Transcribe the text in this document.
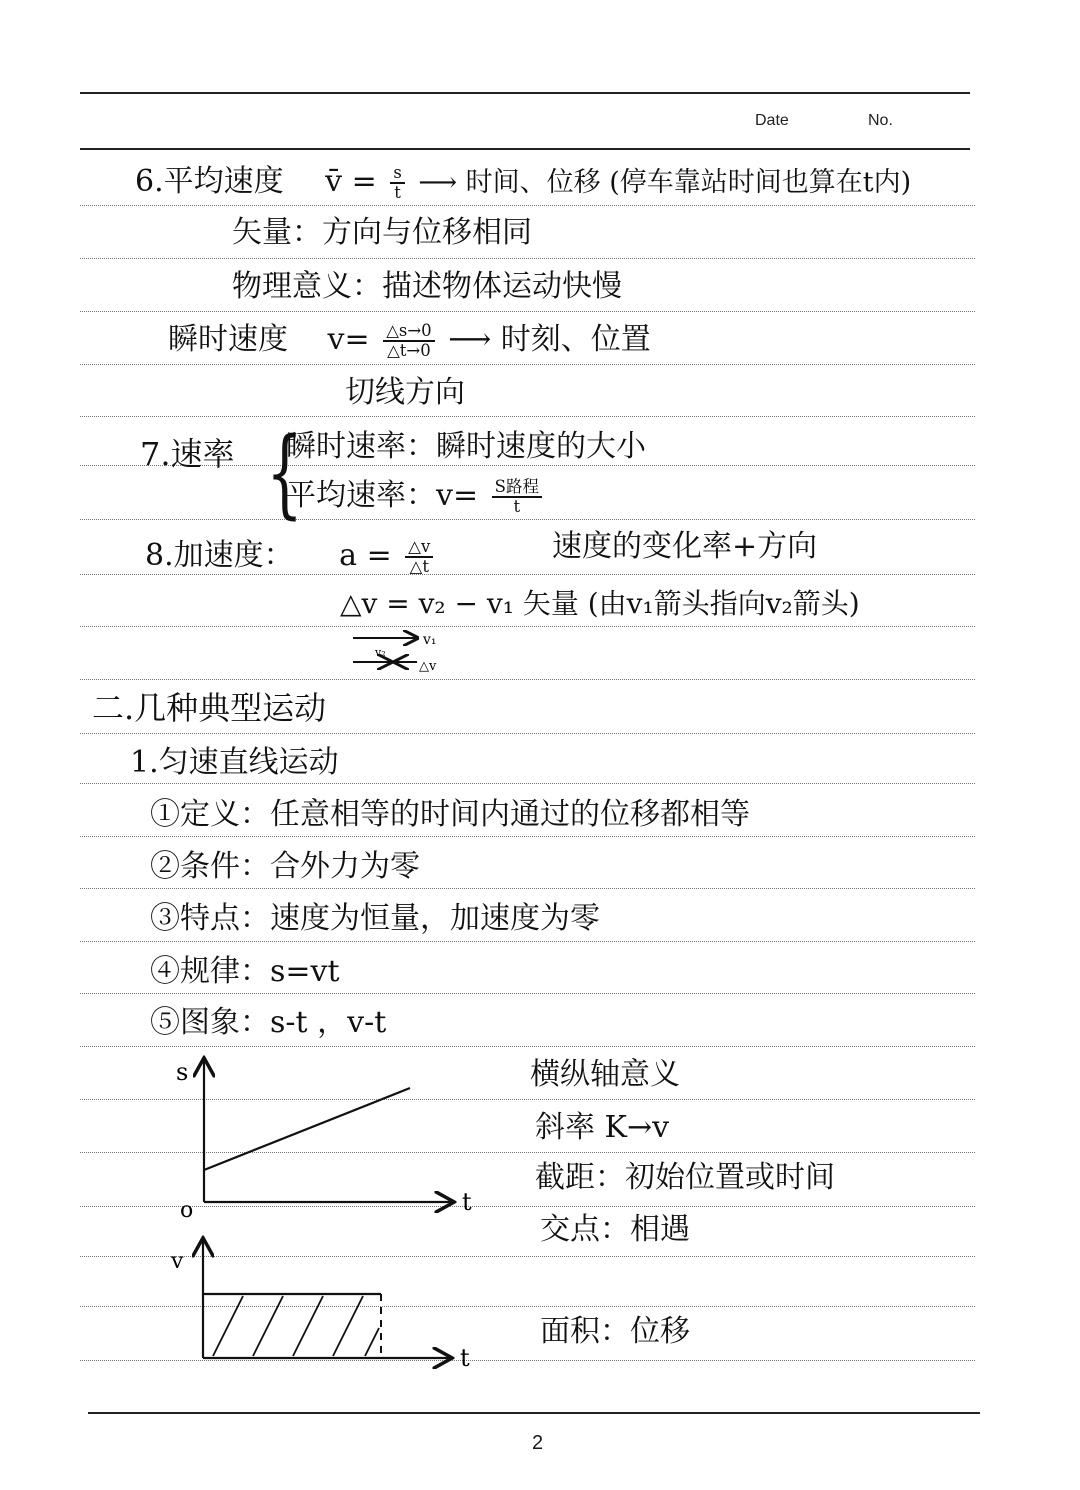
Date	No.
6.平均速度 v̄ = $\frac{s}{t}$ ⟶ 时间、位移 (停车靠站时间也算在t内)
矢量：方向与位移相同
物理意义：描述物体运动快慢
瞬时速度 $v= \frac{\triangle s\to 0}{\triangle t\to 0}$ ⟶ 时刻、位置
切线方向
7.速率 {
瞬时速率：瞬时速度的大小
平均速率：$v= \frac{\text{S路程}}{t}$
8.加速度： $a = \frac{\triangle v}{\triangle t}$	速度的变化率+方向
△v = v₂ − v₁ 矢量 (由v₁箭头指向v₂箭头)
v₁
v₂
△v
二.几种典型运动
1.匀速直线运动
①定义：任意相等的时间内通过的位移都相等
②条件：合外力为零
③特点：速度为恒量，加速度为零
④规律：s=vt
⑤图象：s-t ，v-t
s
t
o
v
t
横纵轴意义
斜率 K→v
截距：初始位置或时间
交点：相遇
面积：位移
2
